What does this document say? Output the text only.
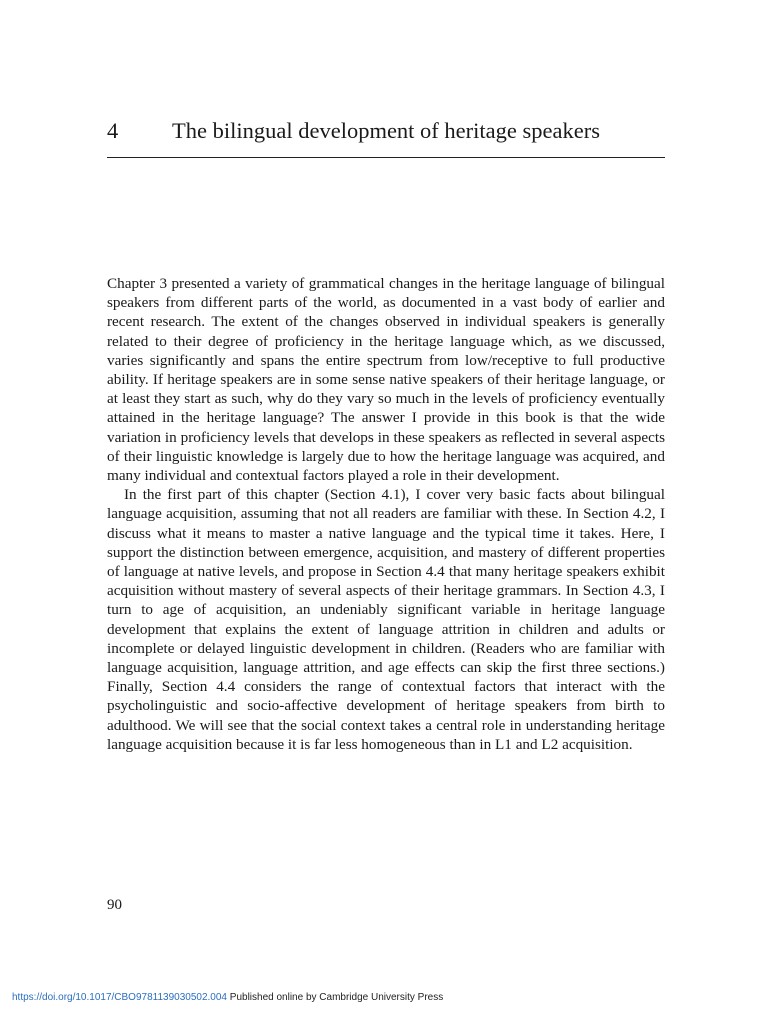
4 The bilingual development of heritage speakers

Chapter 3 presented a variety of grammatical changes in the heritage language of bilingual speakers from different parts of the world, as documented in a vast body of earlier and recent research. The extent of the changes observed in individual speakers is generally related to their degree of proficiency in the heritage language which, as we discussed, varies significantly and spans the entire spectrum from low/receptive to full productive ability. If heritage speakers are in some sense native speakers of their heritage language, or at least they start as such, why do they vary so much in the levels of proficiency eventually attained in the heritage language? The answer I provide in this book is that the wide variation in proficiency levels that develops in these speakers as reflected in several aspects of their linguistic knowledge is largely due to how the heritage language was acquired, and many individual and contextual factors played a role in their development.

In the first part of this chapter (Section 4.1), I cover very basic facts about bilingual language acquisition, assuming that not all readers are familiar with these. In Section 4.2, I discuss what it means to master a native language and the typical time it takes. Here, I support the distinction between emergence, acquisition, and mastery of different properties of language at native levels, and propose in Section 4.4 that many heritage speakers exhibit acquisition without mastery of several aspects of their heritage grammars. In Section 4.3, I turn to age of acquisition, an undeniably significant variable in heritage language development that explains the extent of language attrition in children and adults or incomplete or delayed linguistic development in children. (Readers who are familiar with language acquisition, language attrition, and age effects can skip the first three sections.) Finally, Section 4.4 considers the range of contextual factors that interact with the psycholinguistic and socio-affective development of heritage speakers from birth to adulthood. We will see that the social context takes a central role in understanding heritage language acquisition because it is far less homogeneous than in L1 and L2 acquisition.

90
https://doi.org/10.1017/CBO9781139030502.004 Published online by Cambridge University Press
